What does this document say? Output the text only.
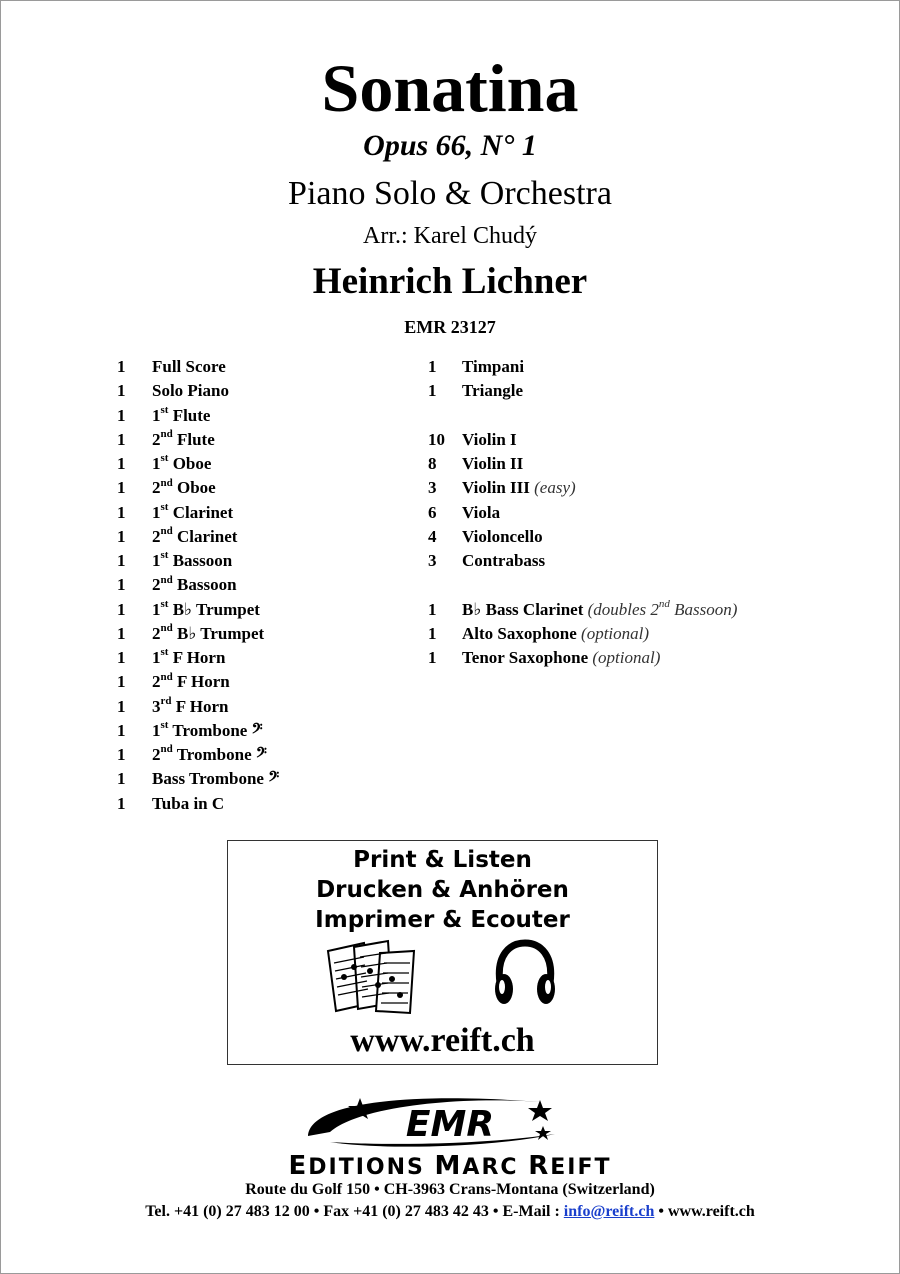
Sonatina
Opus 66, N° 1
Piano Solo & Orchestra
Arr.: Karel Chudý
Heinrich Lichner
EMR 23127
1 Full Score
1 Solo Piano
1 1st Flute
1 2nd Flute
1 1st Oboe
1 2nd Oboe
1 1st Clarinet
1 2nd Clarinet
1 1st Bassoon
1 2nd Bassoon
1 1st B♭ Trumpet
1 2nd B♭ Trumpet
1 1st F Horn
1 2nd F Horn
1 3rd F Horn
1 1st Trombone 𝄢
1 2nd Trombone 𝄢
1 Bass Trombone 𝄢
1 Tuba in C
1 Timpani
1 Triangle
10 Violin I
8 Violin II
3 Violin III (easy)
6 Viola
4 Violoncello
3 Contrabass
1 B♭ Bass Clarinet (doubles 2nd Bassoon)
1 Alto Saxophone (optional)
1 Tenor Saxophone (optional)
Print & Listen
Drucken & Anhören
Imprimer & Ecouter
www.reift.ch
EMR
EDITIONS MARC REIFT
Route du Golf 150 • CH-3963 Crans-Montana (Switzerland)
Tel. +41 (0) 27 483 12 00 • Fax +41 (0) 27 483 42 43 • E-Mail : info@reift.ch • www.reift.ch
